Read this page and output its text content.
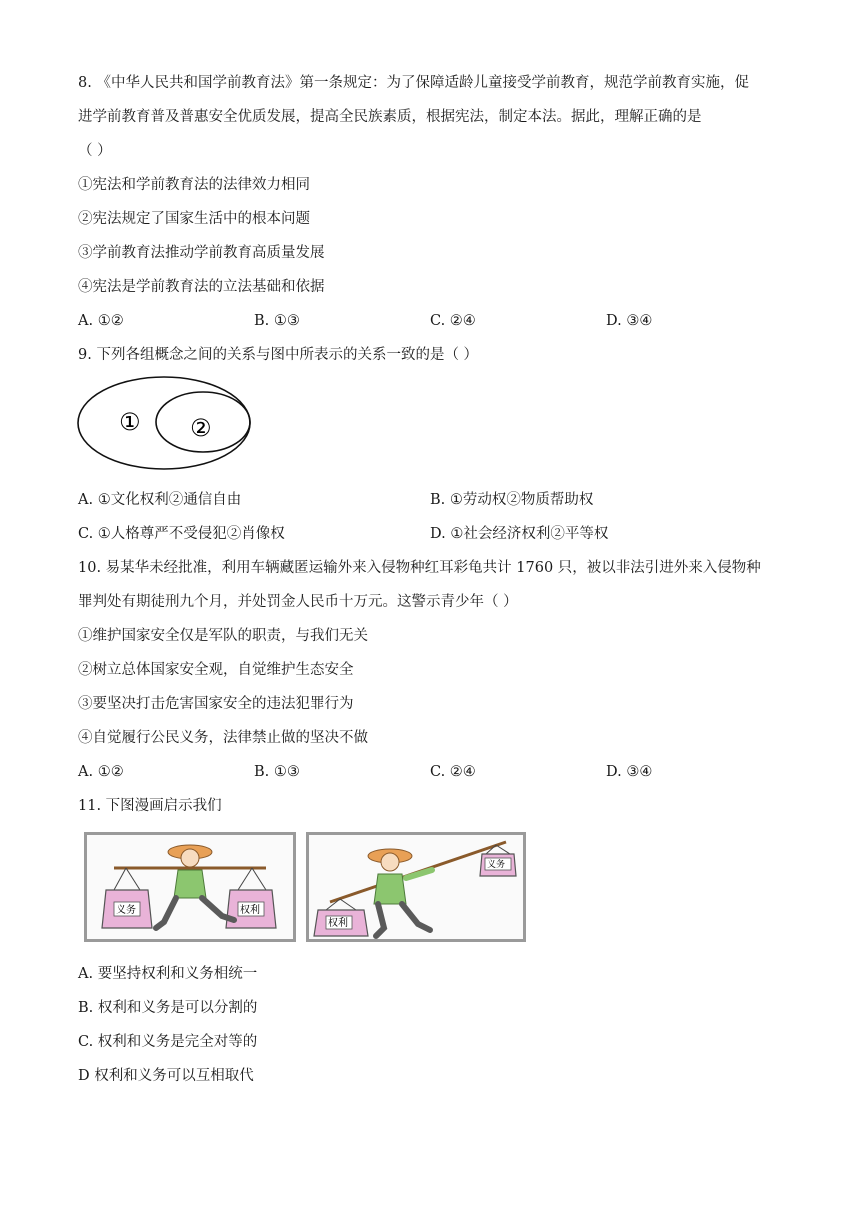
8. 《中华人民共和国学前教育法》第一条规定：为了保障适龄儿童接受学前教育，规范学前教育实施，促
进学前教育普及普惠安全优质发展，提高全民族素质，根据宪法，制定本法。据此，理解正确的是
（ ）
①宪法和学前教育法的法律效力相同
②宪法规定了国家生活中的根本问题
③学前教育法推动学前教育高质量发展
④宪法是学前教育法的立法基础和依据
A. ①②	B. ①③	C. ②④	D. ③④
9. 下列各组概念之间的关系与图中所表示的关系一致的是（ ）
① ②
A. ①文化权利②通信自由	B. ①劳动权②物质帮助权
C. ①人格尊严不受侵犯②肖像权	D. ①社会经济权利②平等权
10. 易某华未经批准，利用车辆藏匿运输外来入侵物种红耳彩龟共计 1760 只，被以非法引进外来入侵物种
罪判处有期徒刑九个月，并处罚金人民币十万元。这警示青少年（ ）
①维护国家安全仅是军队的职责，与我们无关
②树立总体国家安全观，自觉维护生态安全
③要坚决打击危害国家安全的违法犯罪行为
④自觉履行公民义务，法律禁止做的坚决不做
A. ①②	B. ①③	C. ②④	D. ③④
11. 下图漫画启示我们
义务	权利
权利
义务
A. 要坚持权利和义务相统一
B. 权利和义务是可以分割的
C. 权利和义务是完全对等的
D 权利和义务可以互相取代
